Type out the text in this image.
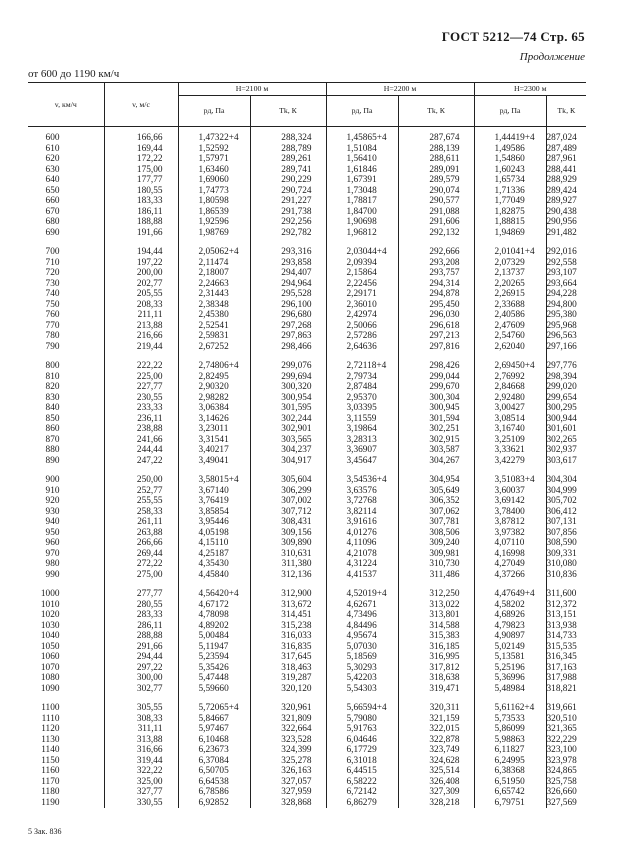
ГОСТ 5212—74 Стр. 65
Продолжение
от 600 до 1190 км/ч
v, км/ч	v, м/с	H=2100 м		H=2200 м		H=2300 м	
		pд, Па	Tk, К	pд, Па	Tk, К	pд, Па	Tk, К
600	166,66	1,47322+4	288,324	1,45865+4	287,674	1,44419+4	287,024
610	169,44	1,52592	288,789	1,51084	288,139	1,49586	287,489
620	172,22	1,57971	289,261	1,56410	288,611	1,54860	287,961
630	175,00	1,63460	289,741	1,61846	289,091	1,60243	288,441
640	177,77	1,69060	290,229	1,67391	289,579	1,65734	288,929
650	180,55	1,74773	290,724	1,73048	290,074	1,71336	289,424
660	183,33	1,80598	291,227	1,78817	290,577	1,77049	289,927
670	186,11	1,86539	291,738	1,84700	291,088	1,82875	290,438
680	188,88	1,92596	292,256	1,90698	291,606	1,88815	290,956
690	191,66	1,98769	292,782	1,96812	292,132	1,94869	291,482

700	194,44	2,05062+4	293,316	2,03044+4	292,666	2,01041+4	292,016
710	197,22	2,11474	293,858	2,09394	293,208	2,07329	292,558
720	200,00	2,18007	294,407	2,15864	293,757	2,13737	293,107
730	202,77	2,24663	294,964	2,22456	294,314	2,20265	293,664
740	205,55	2,31443	295,528	2,29171	294,878	2,26915	294,228
750	208,33	2,38348	296,100	2,36010	295,450	2,33688	294,800
760	211,11	2,45380	296,680	2,42974	296,030	2,40586	295,380
770	213,88	2,52541	297,268	2,50066	296,618	2,47609	295,968
780	216,66	2,59831	297,863	2,57286	297,213	2,54760	296,563
790	219,44	2,67252	298,466	2,64636	297,816	2,62040	297,166

800	222,22	2,74806+4	299,076	2,72118+4	298,426	2,69450+4	297,776
810	225,00	2,82495	299,694	2,79734	299,044	2,76992	298,394
820	227,77	2,90320	300,320	2,87484	299,670	2,84668	299,020
830	230,55	2,98282	300,954	2,95370	300,304	2,92480	299,654
840	233,33	3,06384	301,595	3,03395	300,945	3,00427	300,295
850	236,11	3,14626	302,244	3,11559	301,594	3,08514	300,944
860	238,88	3,23011	302,901	3,19864	302,251	3,16740	301,601
870	241,66	3,31541	303,565	3,28313	302,915	3,25109	302,265
880	244,44	3,40217	304,237	3,36907	303,587	3,33621	302,937
890	247,22	3,49041	304,917	3,45647	304,267	3,42279	303,617

900	250,00	3,58015+4	305,604	3,54536+4	304,954	3,51083+4	304,304
910	252,77	3,67140	306,299	3,63576	305,649	3,60037	304,999
920	255,55	3,76419	307,002	3,72768	306,352	3,69142	305,702
930	258,33	3,85854	307,712	3,82114	307,062	3,78400	306,412
940	261,11	3,95446	308,431	3,91616	307,781	3,87812	307,131
950	263,88	4,05198	309,156	4,01276	308,506	3,97382	307,856
960	266,66	4,15110	309,890	4,11096	309,240	4,07110	308,590
970	269,44	4,25187	310,631	4,21078	309,981	4,16998	309,331
980	272,22	4,35430	311,380	4,31224	310,730	4,27049	310,080
990	275,00	4,45840	312,136	4,41537	311,486	4,37266	310,836

1000	277,77	4,56420+4	312,900	4,52019+4	312,250	4,47649+4	311,600
1010	280,55	4,67172	313,672	4,62671	313,022	4,58202	312,372
1020	283,33	4,78098	314,451	4,73496	313,801	4,68926	313,151
1030	286,11	4,89202	315,238	4,84496	314,588	4,79823	313,938
1040	288,88	5,00484	316,033	4,95674	315,383	4,90897	314,733
1050	291,66	5,11947	316,835	5,07030	316,185	5,02149	315,535
1060	294,44	5,23594	317,645	5,18569	316,995	5,13581	316,345
1070	297,22	5,35426	318,463	5,30293	317,812	5,25196	317,163
1080	300,00	5,47448	319,287	5,42203	318,638	5,36996	317,988
1090	302,77	5,59660	320,120	5,54303	319,471	5,48984	318,821

1100	305,55	5,72065+4	320,961	5,66594+4	320,311	5,61162+4	319,661
1110	308,33	5,84667	321,809	5,79080	321,159	5,73533	320,510
1120	311,11	5,97467	322,664	5,91763	322,015	5,86099	321,365
1130	313,88	6,10468	323,528	6,04646	322,878	5,98863	322,229
1140	316,66	6,23673	324,399	6,17729	323,749	6,11827	323,100
1150	319,44	6,37084	325,278	6,31018	324,628	6,24995	323,978
1160	322,22	6,50705	326,163	6,44515	325,514	6,38368	324,865
1170	325,00	6,64538	327,057	6,58222	326,408	6,51950	325,758
1180	327,77	6,78586	327,959	6,72142	327,309	6,65742	326,660
1190	330,55	6,92852	328,868	6,86279	328,218	6,79751	327,569
5 Зак. 836
